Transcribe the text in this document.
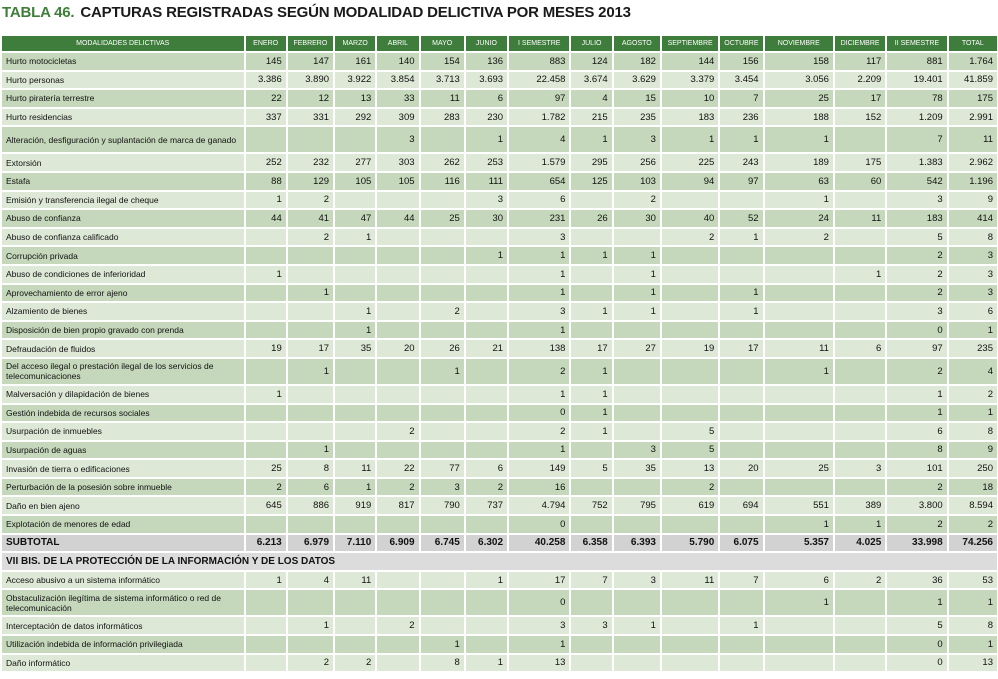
TABLA 46. CAPTURAS REGISTRADAS SEGÚN MODALIDAD DELICTIVA POR MESES 2013
MODALIDADES DELICTIVAS	ENERO	FEBRERO	MARZO	ABRIL	MAYO	JUNIO	I SEMESTRE	JULIO	AGOSTO	SEPTIEMBRE	OCTUBRE	NOVIEMBRE	DICIEMBRE	II SEMESTRE	TOTAL
Hurto motocicletas	145	147	161	140	154	136	883	124	182	144	156	158	117	881	1.764
Hurto personas	3.386	3.890	3.922	3.854	3.713	3.693	22.458	3.674	3.629	3.379	3.454	3.056	2.209	19.401	41.859
Hurto piratería terrestre	22	12	13	33	11	6	97	4	15	10	7	25	17	78	175
Hurto residencias	337	331	292	309	283	230	1.782	215	235	183	236	188	152	1.209	2.991
Alteración, desfiguración y suplantación de marca de ganado				3		1	4	1	3	1	1	1		7	11
Extorsión	252	232	277	303	262	253	1.579	295	256	225	243	189	175	1.383	2.962
Estafa	88	129	105	105	116	111	654	125	103	94	97	63	60	542	1.196
Emisión y transferencia ilegal de cheque	1	2				3	6		2			1		3	9
Abuso de confianza	44	41	47	44	25	30	231	26	30	40	52	24	11	183	414
Abuso de confianza calificado		2	1				3			2	1	2		5	8
Corrupción privada						1	1	1	1					2	3
Abuso de condiciones de inferioridad	1						1		1				1	2	3
Aprovechamiento de error ajeno		1					1		1		1			2	3
Alzamiento de bienes			1		2		3	1	1		1			3	6
Disposición de bien propio gravado con prenda			1				1							0	1
Defraudación de fluidos	19	17	35	20	26	21	138	17	27	19	17	11	6	97	235
Del acceso ilegal o prestación ilegal de los servicios de telecomunicaciones		1			1		2	1				1		2	4
Malversación y dilapidación de bienes	1						1	1						1	2
Gestión indebida de recursos sociales							0	1						1	1
Usurpación de inmuebles				2			2	1		5				6	8
Usurpación de aguas		1					1		3	5				8	9
Invasión de tierra o edificaciones	25	8	11	22	77	6	149	5	35	13	20	25	3	101	250
Perturbación de la posesión sobre inmueble	2	6	1	2	3	2	16			2				2	18
Daño en bien ajeno	645	886	919	817	790	737	4.794	752	795	619	694	551	389	3.800	8.594
Explotación de menores de edad							0					1	1	2	2
SUBTOTAL	6.213	6.979	7.110	6.909	6.745	6.302	40.258	6.358	6.393	5.790	6.075	5.357	4.025	33.998	74.256
VII BIS. DE LA PROTECCIÓN DE LA INFORMACIÓN Y DE LOS DATOS															
Acceso abusivo a un sistema informático	1	4	11			1	17	7	3	11	7	6	2	36	53
Obstaculización ilegítima de sistema informático o red de telecomunicación							0					1		1	1
Interceptación de datos informáticos		1		2			3	3	1		1			5	8
Utilización indebida de información privilegiada					1		1							0	1
Daño informático		2	2		8	1	13							0	13
